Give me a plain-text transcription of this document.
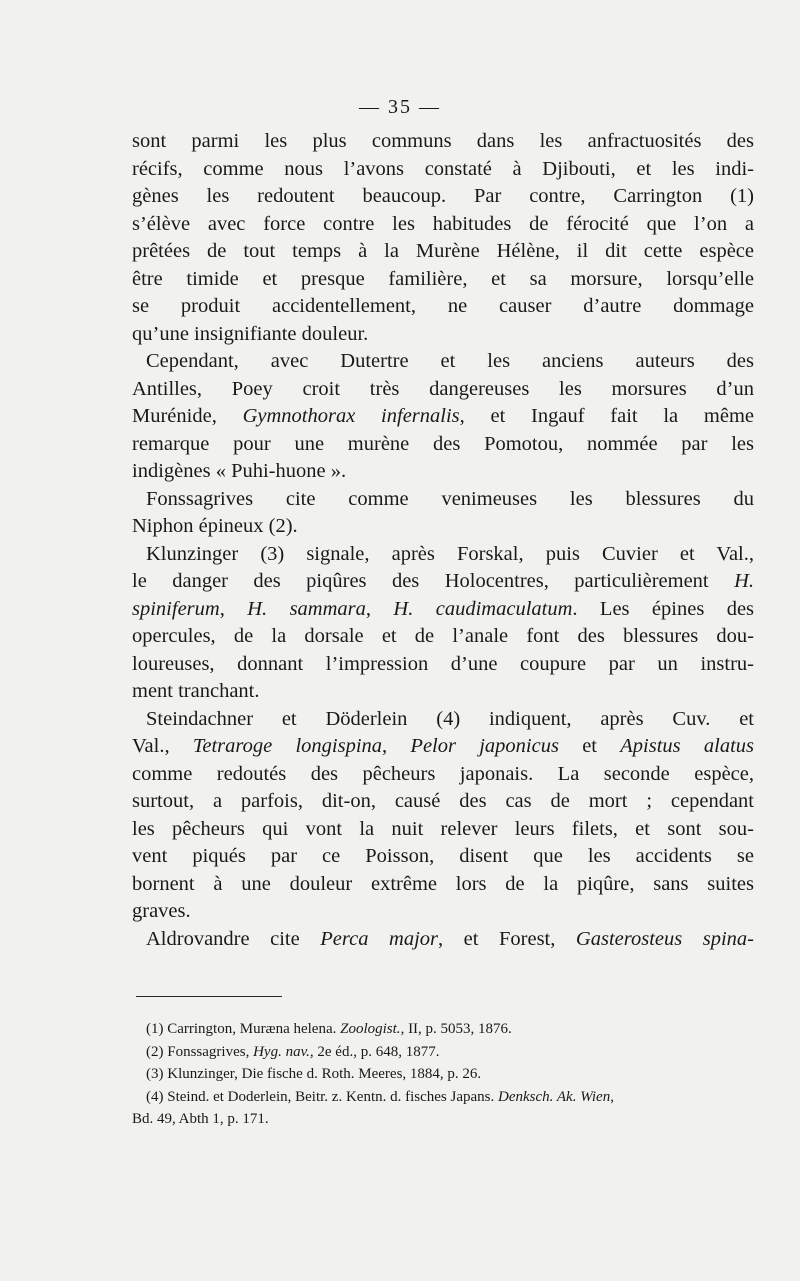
— 35 —
sont parmi les plus communs dans les anfractuosités des
récifs, comme nous l’avons constaté à Djibouti, et les indi-
gènes les redoutent beaucoup. Par contre, Carrington (1)
s’élève avec force contre les habitudes de férocité que l’on a
prêtées de tout temps à la Murène Hélène, il dit cette espèce
être timide et presque familière, et sa morsure, lorsqu’elle
se produit accidentellement, ne causer d’autre dommage
qu’une insignifiante douleur.
Cependant, avec Dutertre et les anciens auteurs des
Antilles, Poey croit très dangereuses les morsures d’un
Murénide, Gymnothorax infernalis, et Ingauf fait la même
remarque pour une murène des Pomotou, nommée par les
indigènes « Puhi-huone ».
Fonssagrives cite comme venimeuses les blessures du
Niphon épineux (2).
Klunzinger (3) signale, après Forskal, puis Cuvier et Val.,
le danger des piqûres des Holocentres, particulièrement H.
spiniferum, H. sammara, H. caudimaculatum. Les épines des
opercules, de la dorsale et de l’anale font des blessures dou-
loureuses, donnant l’impression d’une coupure par un instru-
ment tranchant.
Steindachner et Döderlein (4) indiquent, après Cuv. et
Val., Tetraroge longispina, Pelor japonicus et Apistus alatus
comme redoutés des pêcheurs japonais. La seconde espèce,
surtout, a parfois, dit-on, causé des cas de mort ; cependant
les pêcheurs qui vont la nuit relever leurs filets, et sont sou-
vent piqués par ce Poisson, disent que les accidents se
bornent à une douleur extrême lors de la piqûre, sans suites
graves.
Aldrovandre cite Perca major, et Forest, Gasterosteus spina-
(1) Carrington, Muræna helena. Zoologist., II, p. 5053, 1876.
(2) Fonssagrives, Hyg. nav., 2e éd., p. 648, 1877.
(3) Klunzinger, Die fische d. Roth. Meeres, 1884, p. 26.
(4) Steind. et Doderlein, Beitr. z. Kentn. d. fisches Japans. Denksch. Ak. Wien,
Bd. 49, Abth 1, p. 171.
